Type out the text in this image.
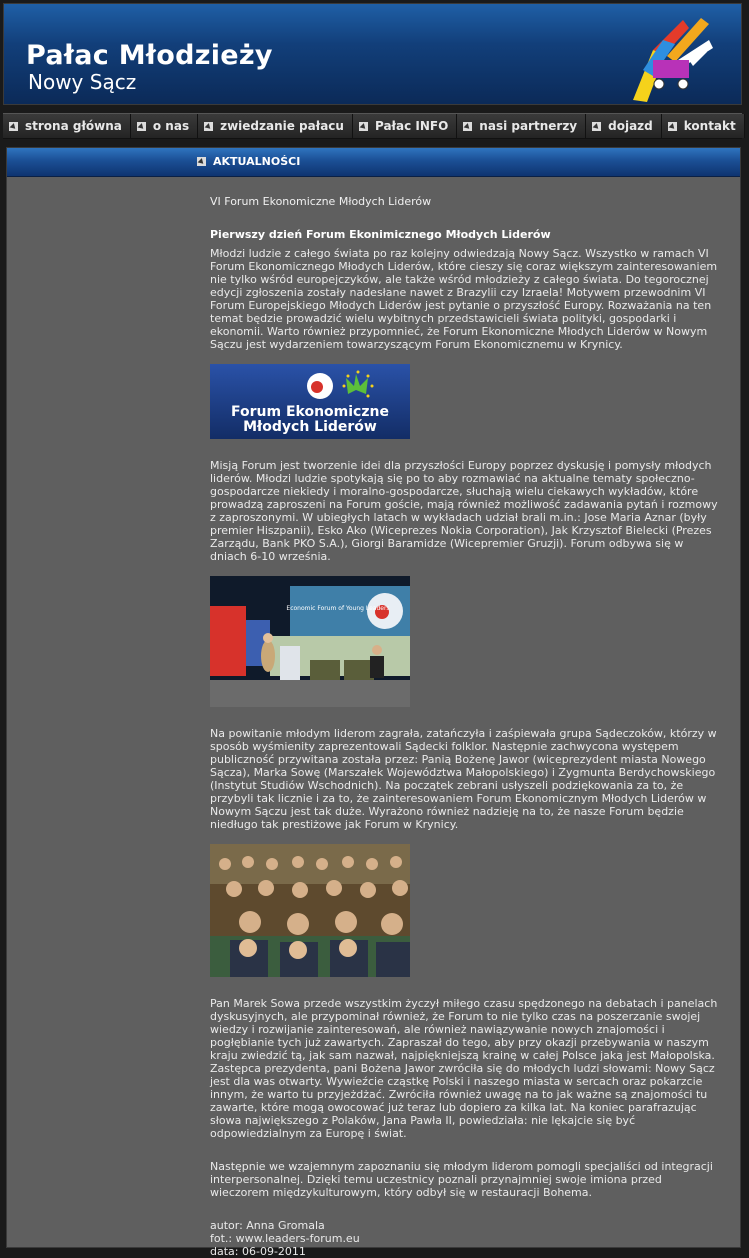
Pałac Młodzieży
Nowy Sącz
strona główna	o nas	zwiedzanie pałacu	Pałac INFO	nasi partnerzy	dojazd	kontakt
AKTUALNOŚCI

VI Forum Ekonomiczne Młodych Liderów

Pierwszy dzień Forum Ekonimicznego Młodych Liderów

Młodzi ludzie z całego świata po raz kolejny odwiedzają Nowy Sącz. Wszystko w ramach VI Forum Ekonomicznego Młodych Liderów, które cieszy się coraz większym zainteresowaniem nie tylko wśród europejczyków, ale także wśród młodzieży z całego świata. Do tegorocznej edycji zgłoszenia zostały nadesłane nawet z Brazylii czy Izraela! Motywem przewodnim VI Forum Europejskiego Młodych Liderów jest pytanie o przyszłość Europy. Rozważania na ten temat będzie prowadzić wielu wybitnych przedstawicieli świata polityki, gospodarki i ekonomii. Warto również przypomnieć, że Forum Ekonomiczne Młodych Liderów w Nowym Sączu jest wydarzeniem towarzyszącym Forum Ekonomicznemu w Krynicy.

Forum Ekonomiczne
Młodych Liderów

Misją Forum jest tworzenie idei dla przyszłości Europy poprzez dyskusję i pomysły młodych liderów. Młodzi ludzie spotykają się po to aby rozmawiać na aktualne tematy społeczno-gospodarcze niekiedy i moralno-gospodarcze, słuchają wielu ciekawych wykładów, które prowadzą zaproszeni na Forum goście, mają również możliwość zadawania pytań i rozmowy z zaproszonymi. W ubiegłych latach w wykładach udział brali m.in.: Jose Maria Aznar (były premier Hiszpanii), Esko Ako (Wiceprezes Nokia Corporation), Jak Krzysztof Bielecki (Prezes Zarządu, Bank PKO S.A.), Giorgi Baramidze (Wicepremier Gruzji). Forum odbywa się w dniach 6-10 września.

Economic Forum of Young Leaders

Na powitanie młodym liderom zagrała, zatańczyła i zaśpiewała grupa Sądeczoków, którzy w sposób wyśmienity zaprezentowali Sądecki folklor. Następnie zachwycona występem publiczność przywitana została przez: Panią Bożenę Jawor (wiceprezydent miasta Nowego Sącza), Marka Sowę (Marszałek Województwa Małopolskiego) i Zygmunta Berdychowskiego (Instytut Studiów Wschodnich). Na początek zebrani usłyszeli podziękowania za to, że przybyli tak licznie i za to, że zainteresowaniem Forum Ekonomicznym Młodych Liderów w Nowym Sączu jest tak duże. Wyrażono również nadzieję na to, że nasze Forum będzie niedługo tak prestiżowe jak Forum w Krynicy.

Pan Marek Sowa przede wszystkim życzył miłego czasu spędzonego na debatach i panelach dyskusyjnych, ale przypominał również, że Forum to nie tylko czas na poszerzanie swojej wiedzy i rozwijanie zainteresowań, ale również nawiązywanie nowych znajomości i pogłębianie tych już zawartych. Zapraszał do tego, aby przy okazji przebywania w naszym kraju zwiedzić tą, jak sam nazwał, najpiękniejszą krainę w całej Polsce jaką jest Małopolska. Zastępca prezydenta, pani Bożena Jawor zwróciła się do młodych ludzi słowami: Nowy Sącz jest dla was otwarty. Wywieźcie cząstkę Polski i naszego miasta w sercach oraz pokarzcie innym, że warto tu przyjeżdżać. Zwróciła również uwagę na to jak ważne są znajomości tu zawarte, które mogą owocować już teraz lub dopiero za kilka lat. Na koniec parafrazując słowa największego z Polaków, Jana Pawła II, powiedziała: nie lękajcie się być odpowiedzialnym za Europę i świat.

Następnie we wzajemnym zapoznaniu się młodym liderom pomogli specjaliści od integracji interpersonalnej. Dzięki temu uczestnicy poznali przynajmniej swoje imiona przed wieczorem międzykulturowym, który odbył się w restauracji Bohema.

autor: Anna Gromala
fot.: www.leaders-forum.eu
data: 06-09-2011
